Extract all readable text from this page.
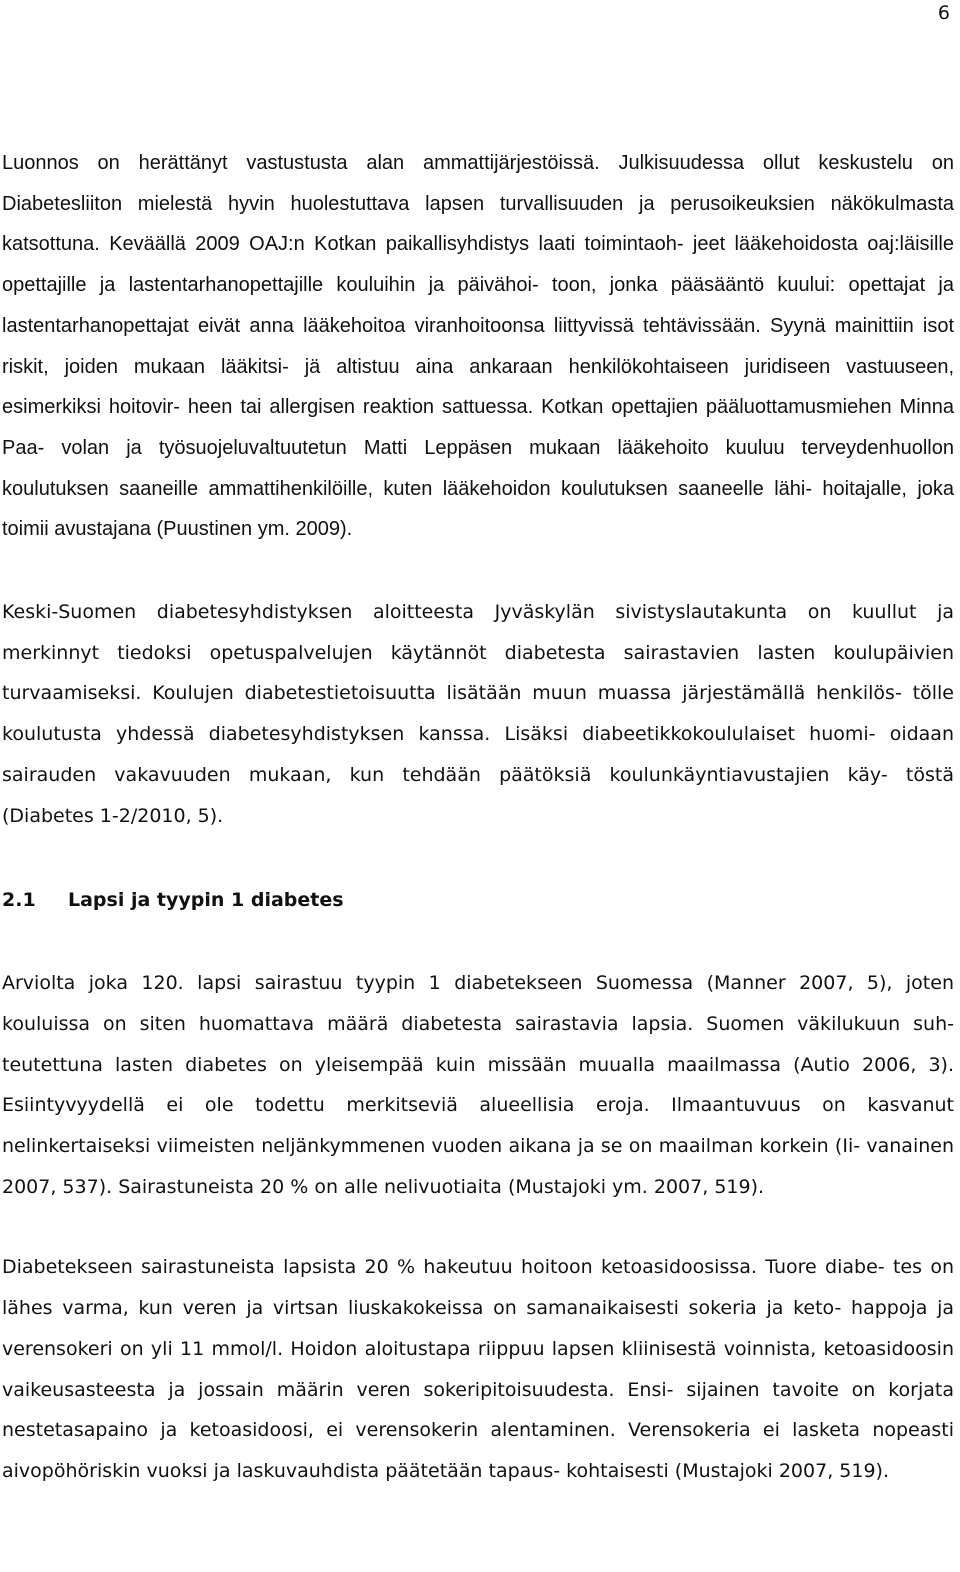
6

Luonnos on herättänyt vastustusta alan ammattijärjestöissä. Julkisuudessa ollut keskustelu on Diabetesliiton mielestä hyvin huolestuttava lapsen turvallisuuden ja perusoikeuksien näkökulmasta katsottuna. Keväällä 2009 OAJ:n Kotkan paikallisyhdistys laati toimintaoh- jeet lääkehoidosta oaj:läisille opettajille ja lastentarhanopettajille kouluihin ja päivähoi- toon, jonka pääsääntö kuului: opettajat ja lastentarhanopettajat eivät anna lääkehoitoa viranhoitoonsa liittyvissä tehtävissään. Syynä mainittiin isot riskit, joiden mukaan lääkitsi- jä altistuu aina ankaraan henkilökohtaiseen juridiseen vastuuseen, esimerkiksi hoitovir- heen tai allergisen reaktion sattuessa. Kotkan opettajien pääluottamusmiehen Minna Paa- volan ja työsuojeluvaltuutetun Matti Leppäsen mukaan lääkehoito kuuluu terveydenhuollon koulutuksen saaneille ammattihenkilöille, kuten lääkehoidon koulutuksen saaneelle lähi- hoitajalle, joka toimii avustajana (Puustinen ym. 2009).

Keski-Suomen diabetesyhdistyksen aloitteesta Jyväskylän sivistyslautakunta on kuullut ja merkinnyt tiedoksi opetuspalvelujen käytännöt diabetesta sairastavien lasten koulupäivien turvaamiseksi. Koulujen diabetestietoisuutta lisätään muun muassa järjestämällä henkilös- tölle koulutusta yhdessä diabetesyhdistyksen kanssa. Lisäksi diabeetikkokoululaiset huomi- oidaan sairauden vakavuuden mukaan, kun tehdään päätöksiä koulunkäyntiavustajien käy- töstä (Diabetes 1-2/2010, 5).

2.1	Lapsi ja tyypin 1 diabetes

Arviolta joka 120. lapsi sairastuu tyypin 1 diabetekseen Suomessa (Manner 2007, 5), joten kouluissa on siten huomattava määrä diabetesta sairastavia lapsia. Suomen väkilukuun suh- teutettuna lasten diabetes on yleisempää kuin missään muualla maailmassa (Autio 2006, 3). Esiintyvyydellä ei ole todettu merkitseviä alueellisia eroja. Ilmaantuvuus on kasvanut nelinkertaiseksi viimeisten neljänkymmenen vuoden aikana ja se on maailman korkein (Ii- vanainen 2007, 537). Sairastuneista 20 % on alle nelivuotiaita (Mustajoki ym. 2007, 519).

Diabetekseen sairastuneista lapsista 20 % hakeutuu hoitoon ketoasidoosissa. Tuore diabe- tes on lähes varma, kun veren ja virtsan liuskakokeissa on samanaikaisesti sokeria ja keto- happoja ja verensokeri on yli 11 mmol/l. Hoidon aloitustapa riippuu lapsen kliinisestä voinnista, ketoasidoosin vaikeusasteesta ja jossain määrin veren sokeripitoisuudesta. Ensi- sijainen tavoite on korjata nestetasapaino ja ketoasidoosi, ei verensokerin alentaminen. Verensokeria ei lasketa nopeasti aivopöhöriskin vuoksi ja laskuvauhdista päätetään tapaus- kohtaisesti (Mustajoki 2007, 519).
